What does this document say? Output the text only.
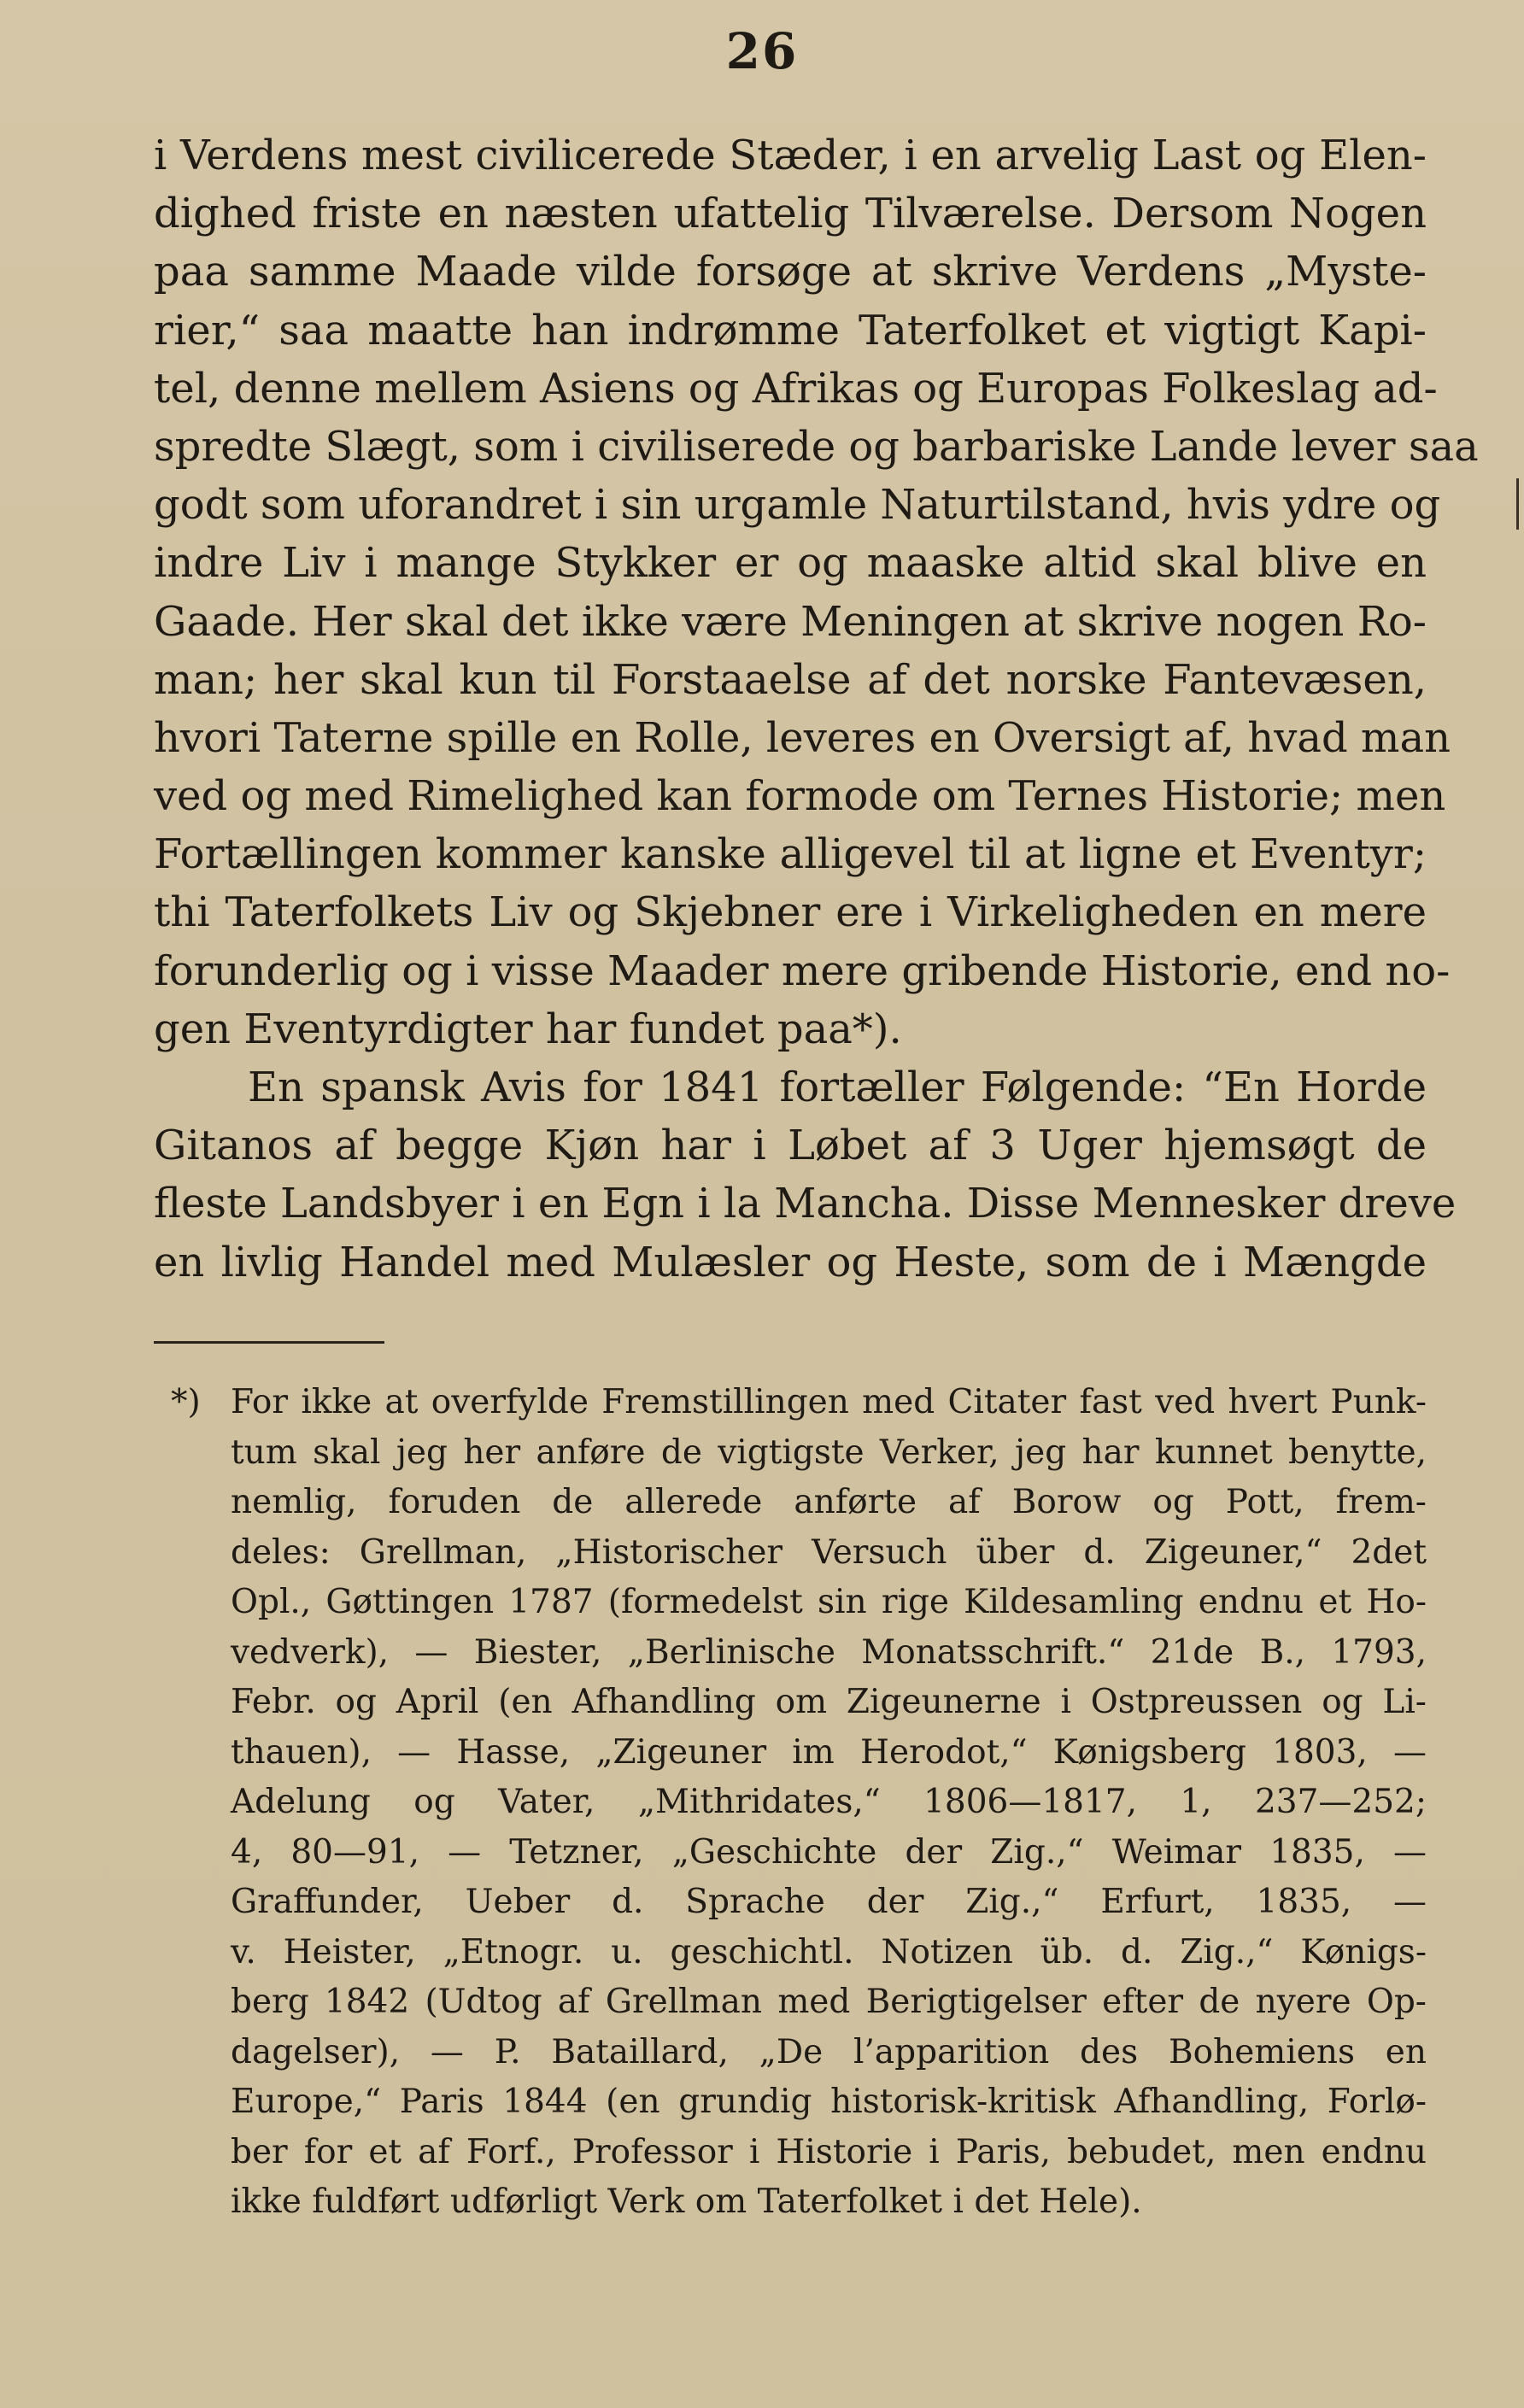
26
i Verdens mest civilicerede Stæder, i en arvelig Last og Elen-
dighed friste en næsten ufattelig Tilværelse. Dersom Nogen
paa samme Maade vilde forsøge at skrive Verdens „Myste-
rier,“ saa maatte han indrømme Taterfolket et vigtigt Kapi-
tel, denne mellem Asiens og Afrikas og Europas Folkeslag ad-
spredte Slægt, som i civiliserede og barbariske Lande lever saa
godt som uforandret i sin urgamle Naturtilstand, hvis ydre og
indre Liv i mange Stykker er og maaske altid skal blive en
Gaade. Her skal det ikke være Meningen at skrive nogen Ro-
man; her skal kun til Forstaaelse af det norske Fantevæsen,
hvori Taterne spille en Rolle, leveres en Oversigt af, hvad man
ved og med Rimelighed kan formode om Ternes Historie; men
Fortællingen kommer kanske alligevel til at ligne et Eventyr;
thi Taterfolkets Liv og Skjebner ere i Virkeligheden en mere
forunderlig og i visse Maader mere gribende Historie, end no-
gen Eventyrdigter har fundet paa*).
En spansk Avis for 1841 fortæller Følgende: “En Horde
Gitanos af begge Kjøn har i Løbet af 3 Uger hjemsøgt de
fleste Landsbyer i en Egn i la Mancha. Disse Mennesker dreve
en livlig Handel med Mulæsler og Heste, som de i Mængde
*) For ikke at overfylde Fremstillingen med Citater fast ved hvert Punk-
tum skal jeg her anføre de vigtigste Verker, jeg har kunnet benytte,
nemlig, foruden de allerede anførte af Borow og Pott, frem-
deles: Grellman, „Historischer Versuch über d. Zigeuner,“ 2det
Opl., Gøttingen 1787 (formedelst sin rige Kildesamling endnu et Ho-
vedverk), — Biester, „Berlinische Monatsschrift.“ 21de B., 1793,
Febr. og April (en Afhandling om Zigeunerne i Ostpreussen og Li-
thauen), — Hasse, „Zigeuner im Herodot,“ Kønigsberg 1803, —
Adelung og Vater, „Mithridates,“ 1806—1817, 1, 237—252;
4, 80—91, — Tetzner, „Geschichte der Zig.,“ Weimar 1835, —
Graffunder, Ueber d. Sprache der Zig.,“ Erfurt, 1835, —
v. Heister, „Etnogr. u. geschichtl. Notizen üb. d. Zig.,“ Kønigs-
berg 1842 (Udtog af Grellman med Berigtigelser efter de nyere Op-
dagelser), — P. Bataillard, „De l’apparition des Bohemiens en
Europe,“ Paris 1844 (en grundig historisk-kritisk Afhandling, Forlø-
ber for et af Forf., Professor i Historie i Paris, bebudet, men endnu
ikke fuldført udførligt Verk om Taterfolket i det Hele).
